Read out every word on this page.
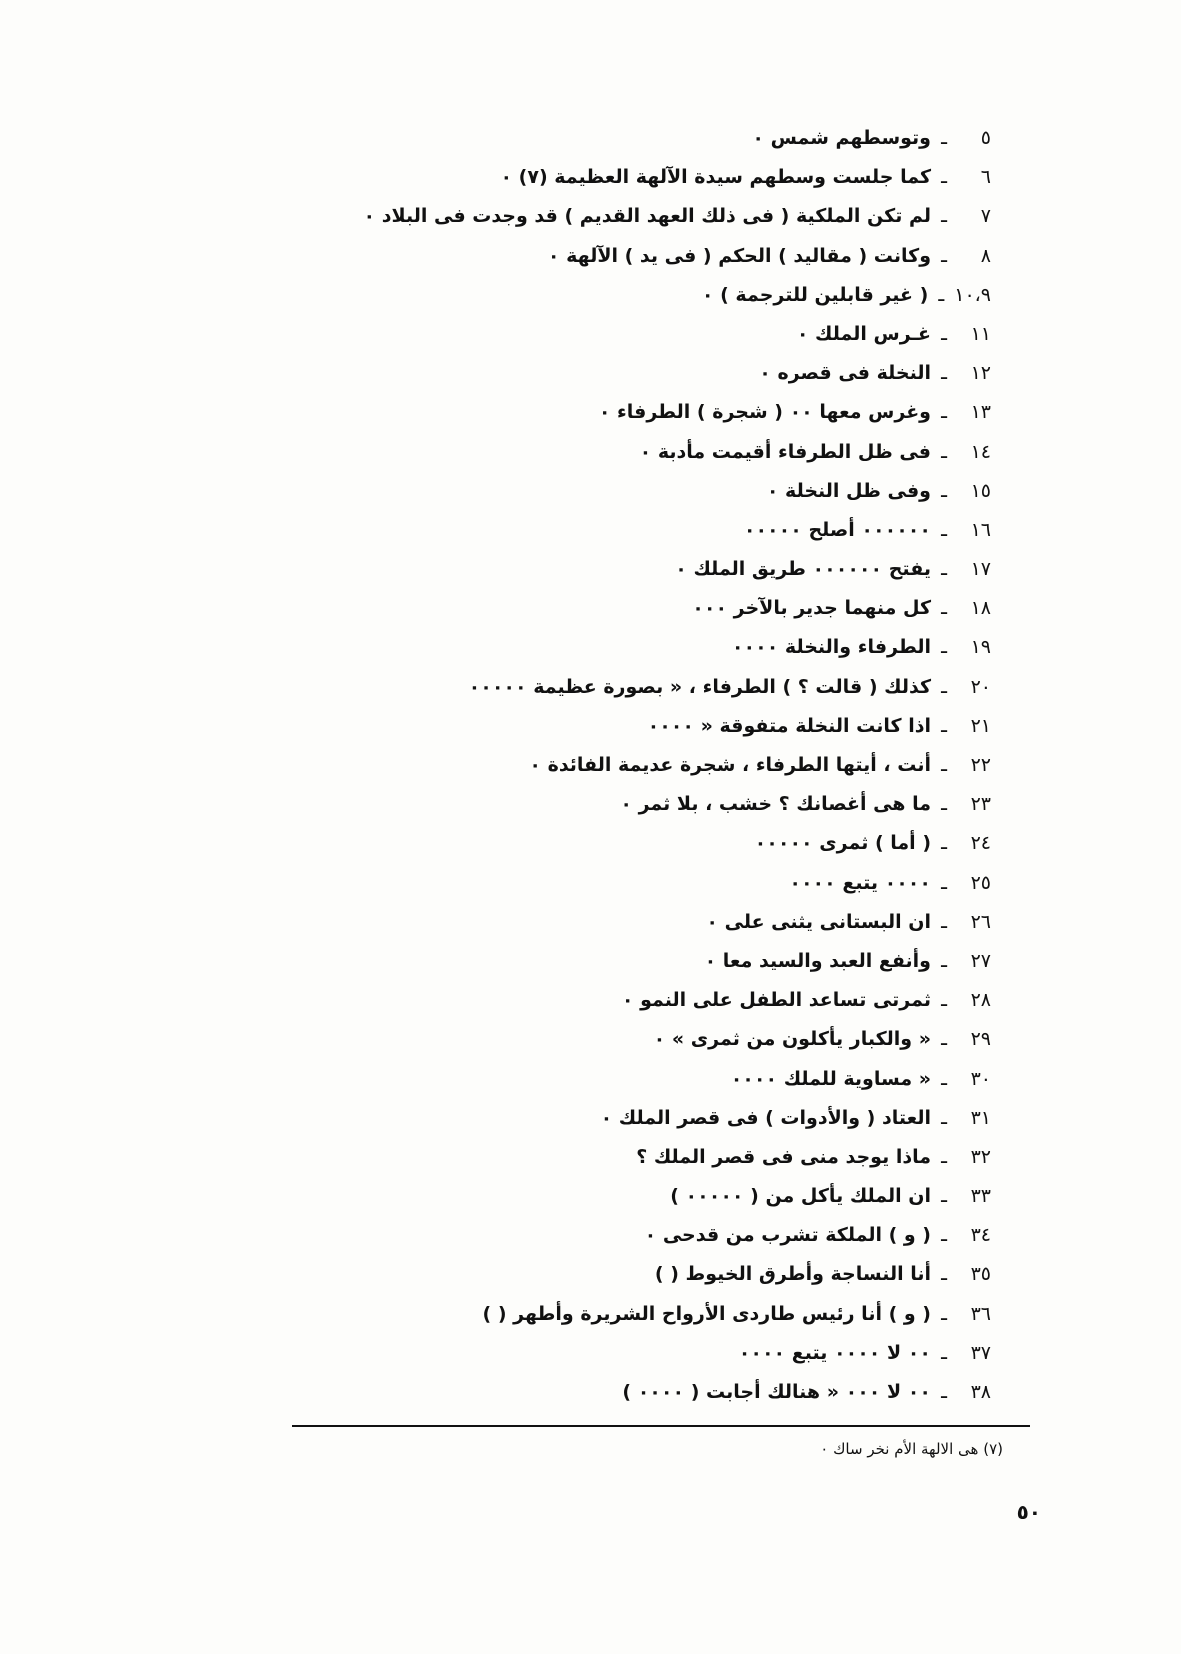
٥
ـ
وتوسطهم شمس ٠
٦
ـ
كما جلست وسطهم سيدة الآلهة العظيمة (٧) ٠
٧
ـ
لم تكن الملكية ( فى ذلك العهد القديم ) قد وجدت فى البلاد ٠
٨
ـ
وكانت ( مقاليد ) الحكم ( فى يد ) الآلهة ٠
١٠،٩
ـ
( غير قابلين للترجمة ) ٠
١١
ـ
غـرس الملك ٠
١٢
ـ
النخلة فى قصره ٠
١٣
ـ
وغرس معها ٠٠ ( شجرة ) الطرفاء ٠
١٤
ـ
فى ظل الطرفاء أقيمت مأدبة ٠
١٥
ـ
وفى ظل النخلة ٠
١٦
ـ
٠٠٠٠٠٠ أصلح ٠٠٠٠٠
١٧
ـ
يفتح ٠٠٠٠٠٠ طريق الملك ٠
١٨
ـ
كل منهما جدير بالآخر ٠٠٠
١٩
ـ
الطرفاء والنخلة ٠٠٠٠
٢٠
ـ
كذلك ( قالت ؟ ) الطرفاء ، « بصورة عظيمة ٠٠٠٠٠
٢١
ـ
اذا كانت النخلة متفوقة « ٠٠٠٠
٢٢
ـ
أنت ، أيتها الطرفاء ، شجرة عديمة الفائدة ٠
٢٣
ـ
ما هى أغصانك ؟ خشب ، بلا ثمر ٠
٢٤
ـ
( أما ) ثمرى ٠٠٠٠٠
٢٥
ـ
٠٠٠٠ يتبع ٠٠٠٠
٢٦
ـ
ان البستانى يثنى على ٠
٢٧
ـ
وأنفع العبد والسيد معا ٠
٢٨
ـ
ثمرتى تساعد الطفل على النمو ٠
٢٩
ـ
« والكبار يأكلون من ثمرى » ٠
٣٠
ـ
« مساوية للملك ٠٠٠٠
٣١
ـ
العتاد ( والأدوات ) فى قصر الملك ٠
٣٢
ـ
ماذا يوجد منى فى قصر الملك ؟
٣٣
ـ
ان الملك يأكل من ( ٠٠٠٠٠ )
٣٤
ـ
( و ) الملكة تشرب من قدحى ٠
٣٥
ـ
أنا النساجة وأطرق الخيوط ( )
٣٦
ـ
( و ) أنا رئيس طاردى الأرواح الشريرة وأطهر ( )
٣٧
ـ
٠٠ لا ٠٠٠٠ يتبع ٠٠٠٠
٣٨
ـ
٠٠ لا ٠٠٠ « هنالك أجابت ( ٠٠٠٠ )
(٧) هى الالهة الأم نخر ساك ٠
٥٠
